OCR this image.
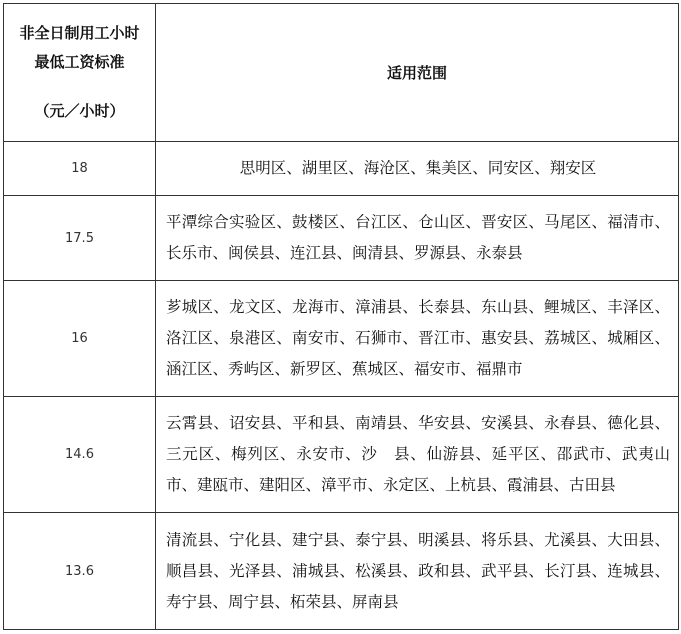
非全日制用工小时
最低工资标准
（元／小时）	适用范围
18	思明区、湖里区、海沧区、集美区、同安区、翔安区
17.5	平潭综合实验区、鼓楼区、台江区、仓山区、晋安区、马尾区、福清市、长乐市、闽侯县、连江县、闽清县、罗源县、永泰县
16	芗城区、龙文区、龙海市、漳浦县、长泰县、东山县、鲤城区、丰泽区、洛江区、泉港区、南安市、石狮市、晋江市、惠安县、荔城区、城厢区、涵江区、秀屿区、新罗区、蕉城区、福安市、福鼎市
14.6	云霄县、诏安县、平和县、南靖县、华安县、安溪县、永春县、德化县、三元区、梅列区、永安市、沙　县、仙游县、延平区、邵武市、武夷山市、建瓯市、建阳区、漳平市、永定区、上杭县、霞浦县、古田县
13.6	清流县、宁化县、建宁县、泰宁县、明溪县、将乐县、尤溪县、大田县、顺昌县、光泽县、浦城县、松溪县、政和县、武平县、长汀县、连城县、寿宁县、周宁县、柘荣县、屏南县
